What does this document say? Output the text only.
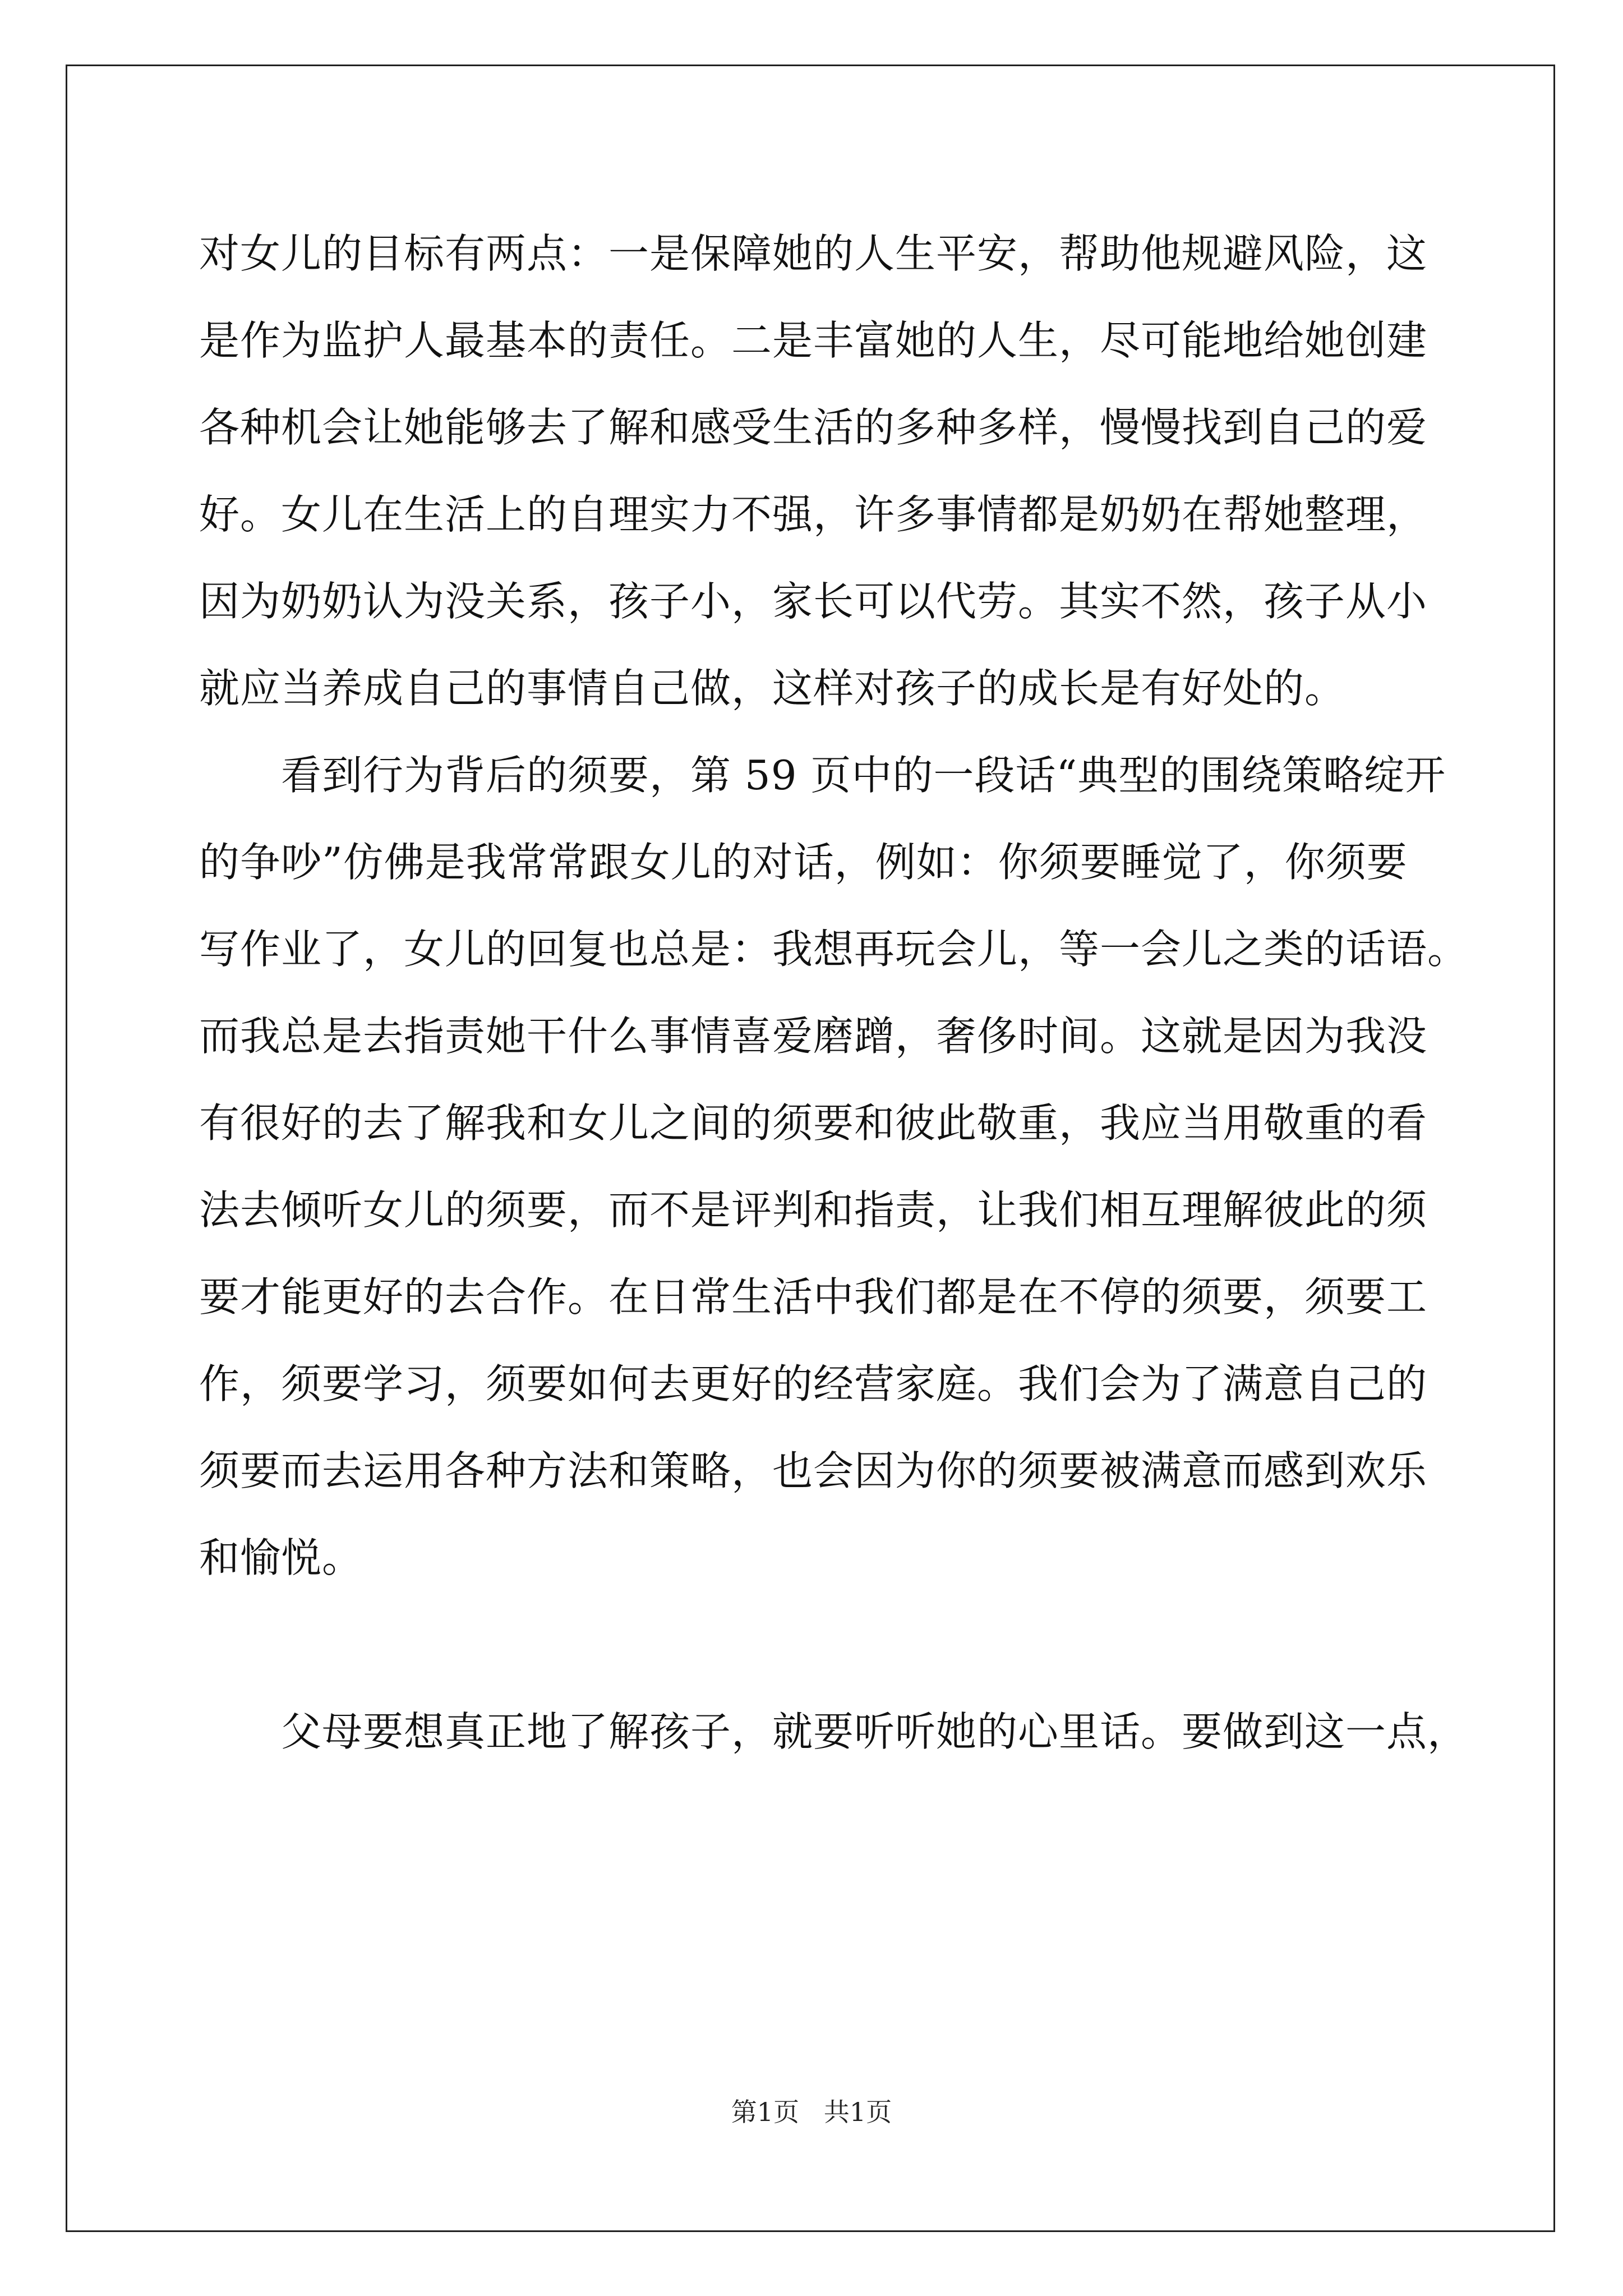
对女儿的目标有两点：一是保障她的人生平安，帮助他规避风险，这
是作为监护人最基本的责任。二是丰富她的人生，尽可能地给她创建
各种机会让她能够去了解和感受生活的多种多样，慢慢找到自己的爱
好。女儿在生活上的自理实力不强，许多事情都是奶奶在帮她整理，
因为奶奶认为没关系，孩子小，家长可以代劳。其实不然，孩子从小
就应当养成自己的事情自己做，这样对孩子的成长是有好处的。
　　看到行为背后的须要，第 59 页中的一段话“典型的围绕策略绽开
的争吵”仿佛是我常常跟女儿的对话，例如：你须要睡觉了，你须要
写作业了，女儿的回复也总是：我想再玩会儿，等一会儿之类的话语。
而我总是去指责她干什么事情喜爱磨蹭，奢侈时间。这就是因为我没
有很好的去了解我和女儿之间的须要和彼此敬重，我应当用敬重的看
法去倾听女儿的须要，而不是评判和指责，让我们相互理解彼此的须
要才能更好的去合作。在日常生活中我们都是在不停的须要，须要工
作，须要学习，须要如何去更好的经营家庭。我们会为了满意自己的
须要而去运用各种方法和策略，也会因为你的须要被满意而感到欢乐
和愉悦。
　　父母要想真正地了解孩子，就要听听她的心里话。要做到这一点，
第1页   共1页
